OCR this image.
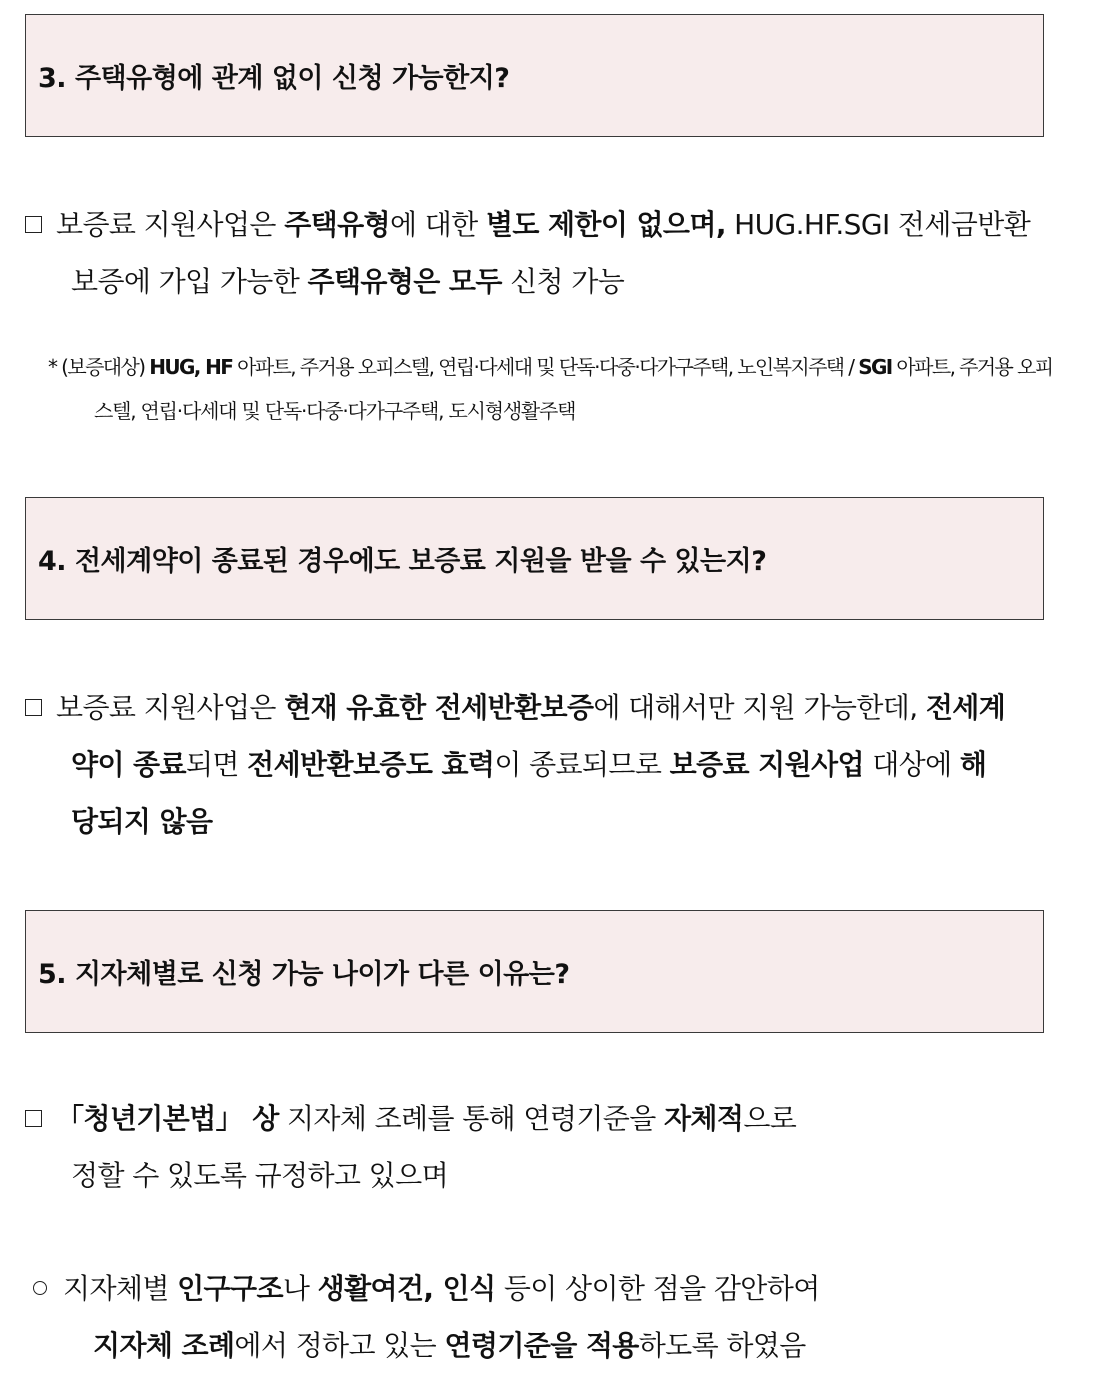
3. 주택유형에 관계 없이 신청 가능한지?
보증료 지원사업은 주택유형에 대한 별도 제한이 없으며, HUG.HF.SGI 전세금반환
보증에 가입 가능한 주택유형은 모두 신청 가능
* (보증대상) HUG, HF 아파트, 주거용 오피스텔, 연립·다세대 및 단독·다중·다가구주택, 노인복지주택 / SGI 아파트, 주거용 오피
스텔, 연립·다세대 및 단독·다중·다가구주택, 도시형생활주택
4. 전세계약이 종료된 경우에도 보증료 지원을 받을 수 있는지?
보증료 지원사업은 현재 유효한 전세반환보증에 대해서만 지원 가능한데, 전세계
약이 종료되면 전세반환보증도 효력이 종료되므로 보증료 지원사업 대상에 해
당되지 않음
5. 지자체별로 신청 가능 나이가 다른 이유는?
「청년기본법」 상 지자체 조례를 통해 연령기준을 자체적으로
정할 수 있도록 규정하고 있으며
지자체별 인구구조나 생활여건, 인식 등이 상이한 점을 감안하여
지자체 조례에서 정하고 있는 연령기준을 적용하도록 하였음
